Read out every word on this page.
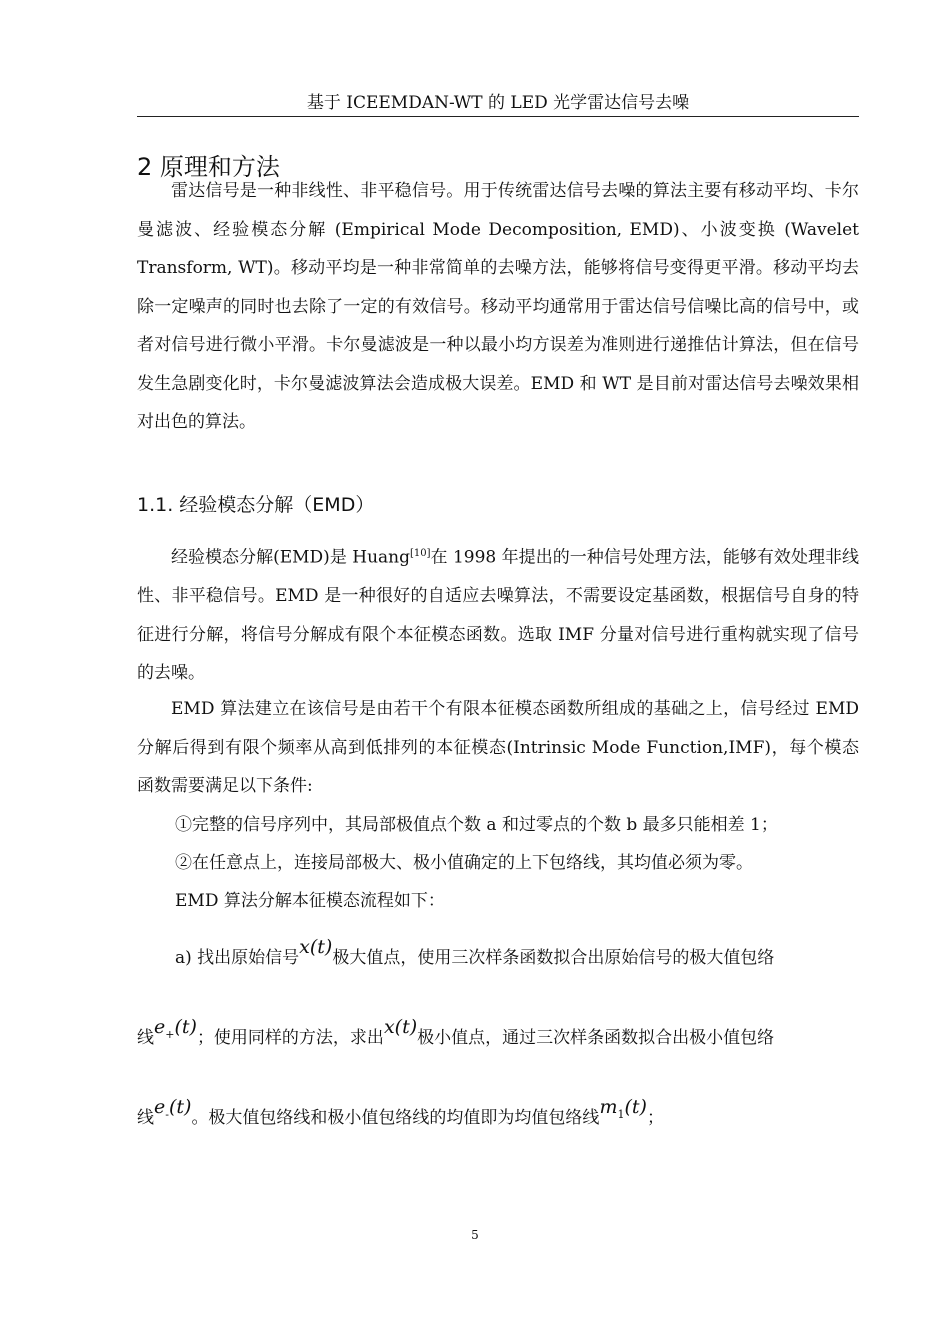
基于 ICEEMDAN-WT 的 LED 光学雷达信号去噪
2 原理和方法

雷达信号是一种非线性、非平稳信号。用于传统雷达信号去噪的算法主要有移动平均、卡尔曼滤波、经验模态分解 (Empirical Mode Decomposition, EMD)、小波变换 (Wavelet Transform, WT)。移动平均是一种非常简单的去噪方法，能够将信号变得更平滑。移动平均去除一定噪声的同时也去除了一定的有效信号。移动平均通常用于雷达信号信噪比高的信号中，或者对信号进行微小平滑。卡尔曼滤波是一种以最小均方误差为准则进行递推估计算法，但在信号发生急剧变化时，卡尔曼滤波算法会造成极大误差。EMD 和 WT 是目前对雷达信号去噪效果相对出色的算法。

1.1. 经验模态分解（EMD）

经验模态分解(EMD)是 Huang[10]在 1998 年提出的一种信号处理方法，能够有效处理非线性、非平稳信号。EMD 是一种很好的自适应去噪算法，不需要设定基函数，根据信号自身的特征进行分解，将信号分解成有限个本征模态函数。选取 IMF 分量对信号进行重构就实现了信号的去噪。

EMD 算法建立在该信号是由若干个有限本征模态函数所组成的基础之上，信号经过 EMD 分解后得到有限个频率从高到低排列的本征模态(Intrinsic Mode Function,IMF)，每个模态函数需要满足以下条件:

①完整的信号序列中，其局部极值点个数 a 和过零点的个数 b 最多只能相差 1；

②在任意点上，连接局部极大、极小值确定的上下包络线，其均值必须为零。

EMD 算法分解本征模态流程如下：

a) 找出原始信号x(t)极大值点，使用三次样条函数拟合出原始信号的极大值包络

线$e_+(t)$；使用同样的方法，求出x(t)极小值点，通过三次样条函数拟合出极小值包络

线$e_-(t)$。极大值包络线和极小值包络线的均值即为均值包络线$m_1(t)$；

5
